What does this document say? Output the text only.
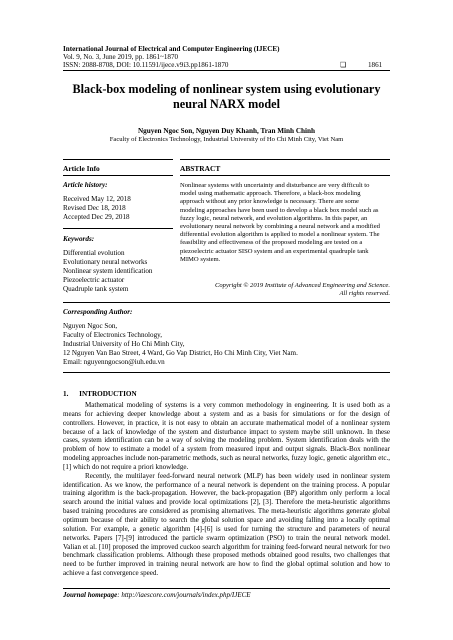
International Journal of Electrical and Computer Engineering (IJECE)
Vol. 9, No. 3, June 2019, pp. 1861~1870
ISSN: 2088-8708, DOI: 10.11591/ijece.v9i3.pp1861-1870	❏	1861
Black-box modeling of nonlinear system using evolutionary
neural NARX model
Nguyen Ngoc Son, Nguyen Duy Khanh, Tran Minh Chinh
Faculty of Electronics Technology, Industrial University of Ho Chi Minh City, Viet Nam
Article Info	ABSTRACT
Article history:
Received May 12, 2018
Revised Dec 18, 2018
Accepted Dec 29, 2018
Keywords:
Differential evolution
Evolutionary neural networks
Nonlinear system identification
Piezoelectric actuator
Quadruple tank system
Nonlinear systems with uncertainty and disturbance are very difficult to
model using mathematic approach. Therefore, a black-box modeling
approach without any prior knowledge is necessary. There are some
modeling approaches have been used to develop a black box model such as
fuzzy logic, neural network, and evolution algorithms. In this paper, an
evolutionary neural network by combining a neural network and a modified
differential evolution algorithm is applied to model a nonlinear system. The
feasibility and effectiveness of the proposed modeling are tested on a
piezoelectric actuator SISO system and an experimental quadruple tank
MIMO system.
Copyright © 2019 Institute of Advanced Engineering and Science.
All rights reserved.
Corresponding Author:
Nguyen Ngoc Son,
Faculty of Electronics Technology,
Industrial University of Ho Chi Minh City,
12 Nguyen Van Bao Street, 4 Ward, Go Vap District, Ho Chi Minh City, Viet Nam.
Email: nguyenngocson@iuh.edu.vn
1.      INTRODUCTION

Mathematical modeling of systems is a very common methodology in engineering. It is used both as a means for achieving deeper knowledge about a system and as a basis for simulations or for the design of controllers. However, in practice, it is not easy to obtain an accurate mathematical model of a nonlinear system because of a lack of knowledge of the system and disturbance impact to system maybe still unknown. In these cases, system identification can be a way of solving the modeling problem. System identification deals with the problem of how to estimate a model of a system from measured input and output signals. Black-Box nonlinear modeling approaches include non-parametric methods, such as neural networks, fuzzy logic, genetic algorithm etc., [1] which do not require a priori knowledge.

Recently, the multilayer feed-forward neural network (MLP) has been widely used in nonlinear system identification. As we know, the performance of a neural network is dependent on the training process. A popular training algorithm is the back-propagation. However, the back-propagation (BP) algorithm only perform a local search around the initial values and provide local optimizations [2], [3]. Therefore the meta-heuristic algorithms based training procedures are considered as promising alternatives. The meta-heuristic algorithms generate global optimum because of their ability to search the global solution space and avoiding falling into a locally optimal solution. For example, a genetic algorithm [4]-[6] is used for turning the structure and parameters of neural networks. Papers [7]-[9] introduced the particle swarm optimization (PSO) to train the neural network model. Valian et al. [10] proposed the improved cuckoo search algorithm for training feed-forward neural network for two benchmark classification problems. Although these proposed methods obtained good results, two challenges that need to be further improved in training neural network are how to find the global optimal solution and how to achieve a fast convergence speed.

Journal homepage: http://iaescore.com/journals/index.php/IJECE
